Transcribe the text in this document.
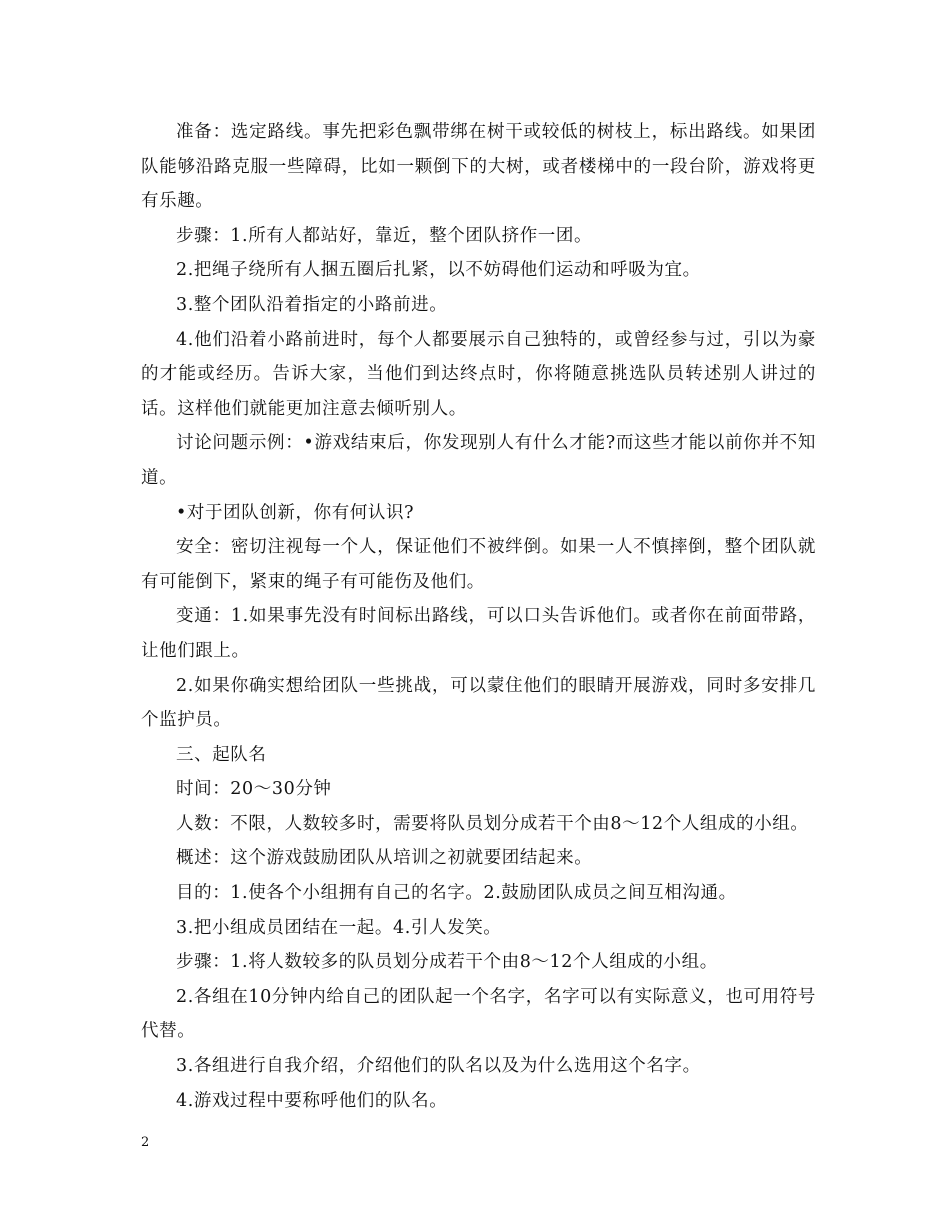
准备：选定路线。事先把彩色飘带绑在树干或较低的树枝上，标出路线。如果团队能够沿路克服一些障碍，比如一颗倒下的大树，或者楼梯中的一段台阶，游戏将更有乐趣。

步骤：1.所有人都站好，靠近，整个团队挤作一团。

2.把绳子绕所有人捆五圈后扎紧，以不妨碍他们运动和呼吸为宜。

3.整个团队沿着指定的小路前进。

4.他们沿着小路前进时，每个人都要展示自己独特的，或曾经参与过，引以为豪的才能或经历。告诉大家，当他们到达终点时，你将随意挑选队员转述别人讲过的话。这样他们就能更加注意去倾听别人。

讨论问题示例：•游戏结束后，你发现别人有什么才能?而这些才能以前你并不知道。

•对于团队创新，你有何认识?

安全：密切注视每一个人，保证他们不被绊倒。如果一人不慎摔倒，整个团队就有可能倒下，紧束的绳子有可能伤及他们。

变通：1.如果事先没有时间标出路线，可以口头告诉他们。或者你在前面带路，让他们跟上。

2.如果你确实想给团队一些挑战，可以蒙住他们的眼睛开展游戏，同时多安排几个监护员。

三、起队名

时间：20～30分钟

人数：不限，人数较多时，需要将队员划分成若干个由8～12个人组成的小组。

概述：这个游戏鼓励团队从培训之初就要团结起来。

目的：1.使各个小组拥有自己的名字。2.鼓励团队成员之间互相沟通。

3.把小组成员团结在一起。4.引人发笑。

步骤：1.将人数较多的队员划分成若干个由8～12个人组成的小组。

2.各组在10分钟内给自己的团队起一个名字，名字可以有实际意义，也可用符号代替。

3.各组进行自我介绍，介绍他们的队名以及为什么选用这个名字。

4.游戏过程中要称呼他们的队名。

2
